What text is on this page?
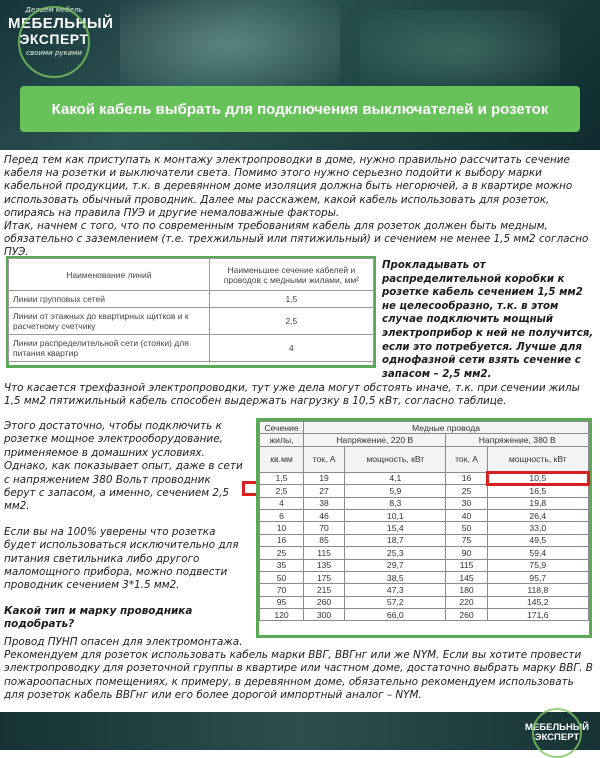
Делаем мебель
МЕБЕЛЬНЫЙ
ЭКСПЕРТ
своими руками
Какой кабель выбрать для подключения выключателей и розеток

Перед тем как приступать к монтажу электропроводки в доме, нужно правильно рассчитать сечение кабеля на розетки и выключатели света. Помимо этого нужно серьезно подойти к выбору марки кабельной продукции, т.к. в деревянном доме изоляция должна быть негорючей, а в квартире можно использовать обычный проводник. Далее мы расскажем, какой кабель использовать для розеток, опираясь на правила ПУЭ и другие немаловажные факторы.

Итак, начнем с того, что по современным требованиям кабель для розеток должен быть медным, обязательно с заземлением (т.е. трехжильный или пятижильный) и сечением не менее 1,5 мм2 согласно ПУЭ.

Наименование линий	Наименьшее сечение кабелей и проводов с медными жилами, мм²
Линии групповых сетей	1,5
Линии от этажных до квартирных щитков и к расчетному счетчику	2,5
Линии распределительной сети (стояки) для питания квартир	4
Прокладывать от распределительной коробки к розетке кабель сечением 1,5 мм2 не целесообразно, т.к. в этом случае подключить мощный электроприбор к ней не получится, если это потребуется. Лучше для однофазной сети взять сечение с запасом – 2,5 мм2.

Что касается трехфазной электропроводки, тут уже дела могут обстоять иначе, т.к. при сечении жилы 1,5 мм2 пятижильный кабель способен выдержать нагрузку в 10,5 кВт, согласно таблице.

Этого достаточно, чтобы подключить к розетке мощное электрооборудование, применяемое в домашних условиях. Однако, как показывает опыт, даже в сети с напряжением 380 Вольт проводник берут с запасом, а именно, сечением 2,5 мм2.

Если вы на 100% уверены что розетка будет использоваться исключительно для питания светильника либо другого маломощного прибора, можно подвести проводник сечением 3*1.5 мм2.

Какой тип и марку проводника подобрать?

Сечение	Медные провода			
жилы,	Напряжение, 220 В		Напряжение, 380 В	
кв.мм	ток, А	мощность, кВт	ток, А	мощность, кВт
1,5	19	4,1	16	10,5
2,5	27	5,9	25	16,5
4	38	8,3	30	19,8
6	46	10,1	40	26,4
10	70	15,4	50	33,0
16	85	18,7	75	49,5
25	115	25,3	90	59,4
35	135	29,7	115	75,9
50	175	38,5	145	95,7
70	215	47,3	180	118,8
95	260	57,2	220	145,2
120	300	66,0	260	171,6

Провод ПУНП опасен для электромонтажа.

Рекомендуем для розеток использовать кабель марки ВВГ, ВВГнг или же NYM. Если вы хотите провести электропроводку для розеточной группы в квартире или частном доме, достаточно выбрать марку ВВГ. В пожароопасных помещениях, к примеру, в деревянном доме, обязательно рекомендуем использовать для розеток кабель ВВГнг или его более дорогой импортный аналог – NYM.

МЕБЕЛЬНЫЙ
ЭКСПЕРТ
